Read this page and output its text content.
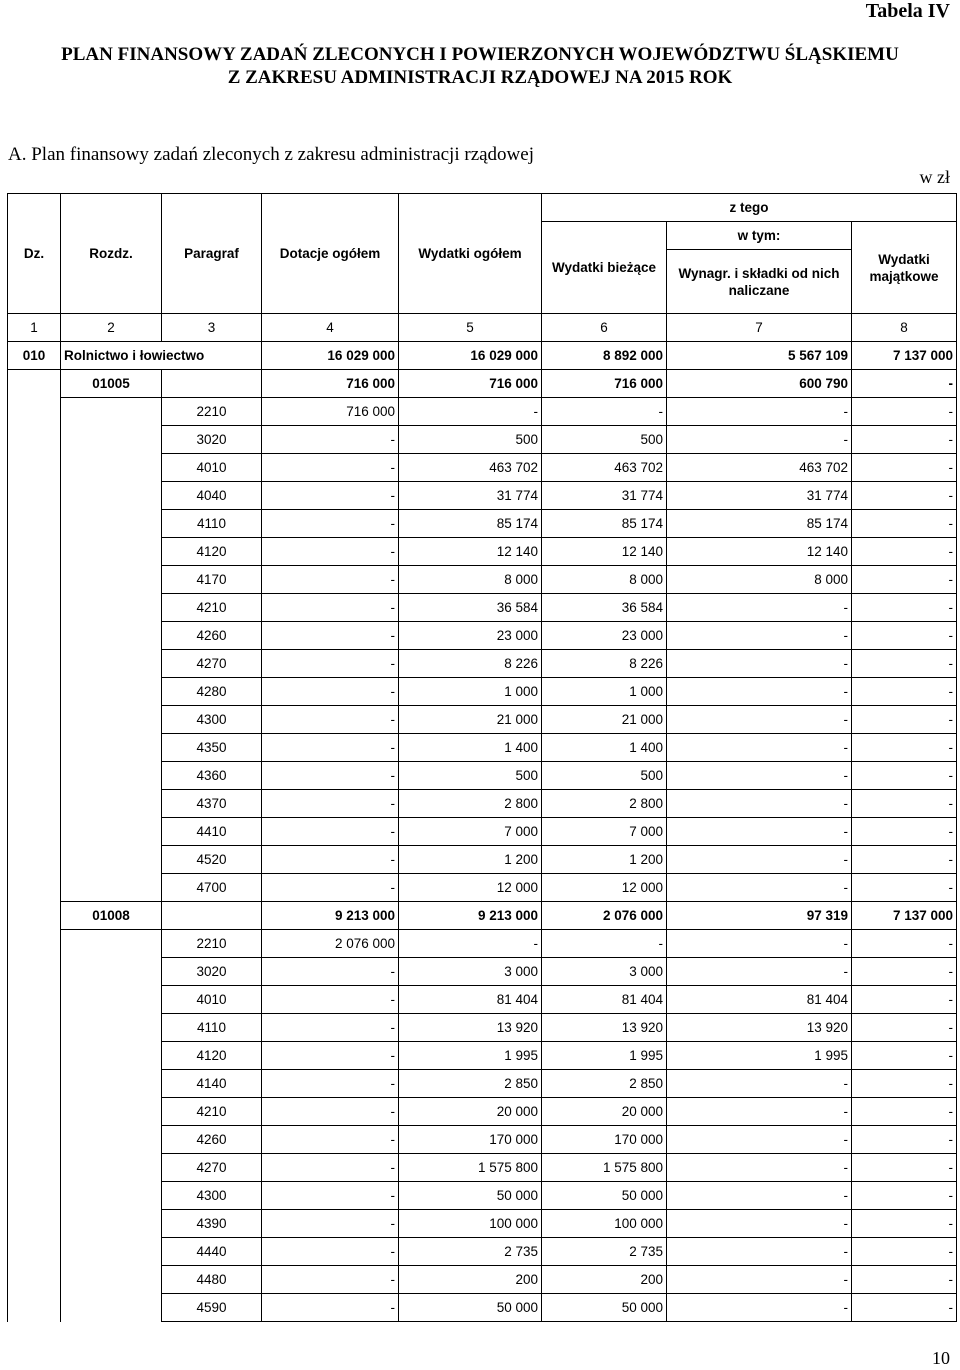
Tabela IV
PLAN FINANSOWY ZADAŃ ZLECONYCH I POWIERZONYCH WOJEWÓDZTWU ŚLĄSKIEMU
Z ZAKRESU ADMINISTRACJI RZĄDOWEJ NA 2015 ROK
A. Plan finansowy zadań zleconych z zakresu administracji rządowej
w zł
Dz.	Rozdz.	Paragraf	Dotacje ogółem	Wydatki ogółem	z tego		
					Wydatki bieżące	w tym:	Wydatki majątkowe
						Wynagr. i składki od nich naliczane	
1	2	3	4	5	6	7	8
010	Rolnictwo i łowiectwo		16 029 000	16 029 000	8 892 000	5 567 109	7 137 000
	01005		716 000	716 000	716 000	600 790	-
		2210	716 000	-	-	-	-
		3020	-	500	500	-	-
		4010	-	463 702	463 702	463 702	-
		4040	-	31 774	31 774	31 774	-
		4110	-	85 174	85 174	85 174	-
		4120	-	12 140	12 140	12 140	-
		4170	-	8 000	8 000	8 000	-
		4210	-	36 584	36 584	-	-
		4260	-	23 000	23 000	-	-
		4270	-	8 226	8 226	-	-
		4280	-	1 000	1 000	-	-
		4300	-	21 000	21 000	-	-
		4350	-	1 400	1 400	-	-
		4360	-	500	500	-	-
		4370	-	2 800	2 800	-	-
		4410	-	7 000	7 000	-	-
		4520	-	1 200	1 200	-	-
		4700	-	12 000	12 000	-	-
	01008		9 213 000	9 213 000	2 076 000	97 319	7 137 000
		2210	2 076 000	-	-	-	-
		3020	-	3 000	3 000	-	-
		4010	-	81 404	81 404	81 404	-
		4110	-	13 920	13 920	13 920	-
		4120	-	1 995	1 995	1 995	-
		4140	-	2 850	2 850	-	-
		4210	-	20 000	20 000	-	-
		4260	-	170 000	170 000	-	-
		4270	-	1 575 800	1 575 800	-	-
		4300	-	50 000	50 000	-	-
		4390	-	100 000	100 000	-	-
		4440	-	2 735	2 735	-	-
		4480	-	200	200	-	-
		4590	-	50 000	50 000	-	-
10
